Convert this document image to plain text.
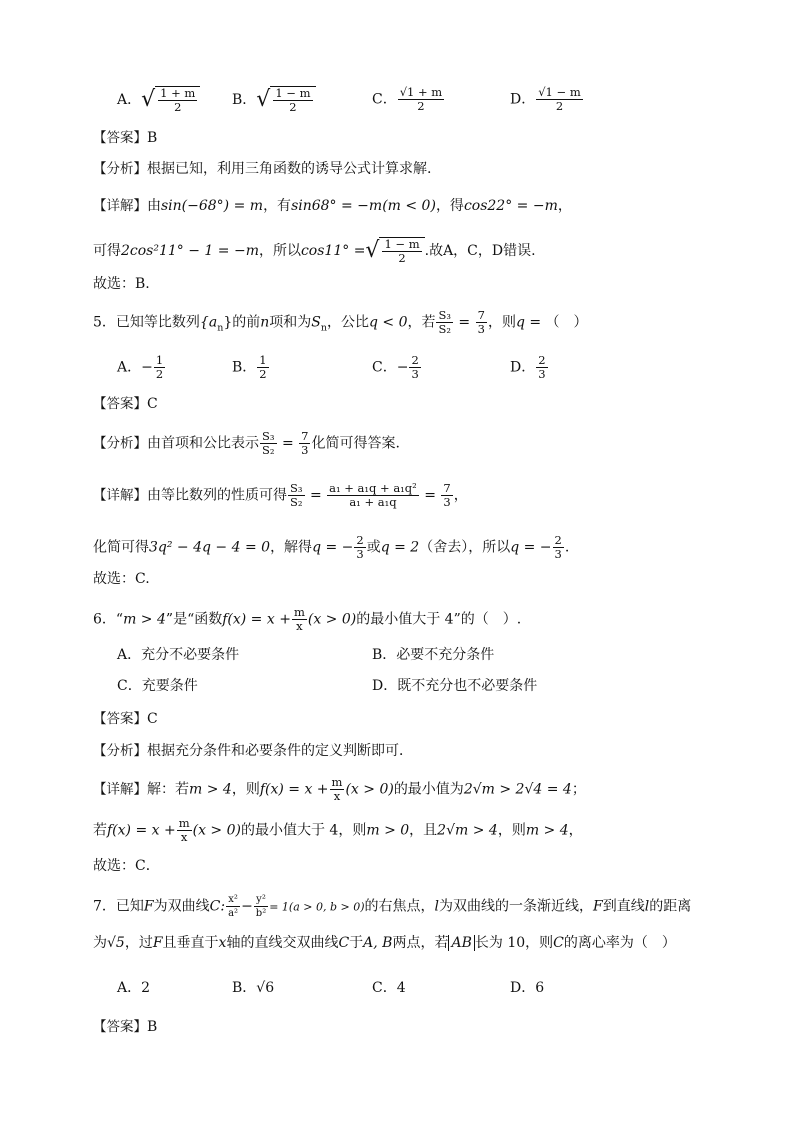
A．√ $\frac{1 + m}{2}$ B．√ $\frac{1 - m}{2}$	C． $\frac{√1 + m}{2}$	D． $\frac{√1 - m}{2}$
【答案】B
【分析】根据已知，利用三角函数的诱导公式计算求解.
【详解】由sin(−68°) = m，有sin68° = −m(m < 0)，得cos22° = −m，
可得2cos²11° − 1 = −m，所以cos11° =√ $\frac{1 - m}{2}$ .故A，C，D错误.
故选：B.
5．已知等比数列$\{a_n\}$的前n项和为$S_n$，公比q < 0，若 $\frac{\text{S₃}}{\text{S₂}} = \frac{7}{3}$ ，则q = （　）
A．− $\frac{1}{2}$	B． $\frac{1}{2}$	C．− $\frac{2}{3}$	D． $\frac{2}{3}$
【答案】C
【分析】由首项和公比表示 $\frac{\text{S₃}}{\text{S₂}} = \frac{7}{3}$ 化简可得答案.
【详解】由等比数列的性质可得 $\frac{\text{S₃}}{\text{S₂}} = \frac{\text{a₁ + a₁q + a₁q²}}{\text{a₁ + a₁q}} = \frac{7}{3}$ ，
化简可得3q² − 4q − 4 = 0，解得q = − $\frac{2}{3}$ 或q = 2（舍去），所以q = − $\frac{2}{3}$ .
故选：C.
6．“m > 4”是“函数$f(x) = x + \frac{m}{x} (x > 0)$的最小值大于 4”的（　）.
A．充分不必要条件	B．必要不充分条件
C．充要条件	D．既不充分也不必要条件
【答案】C
【分析】根据充分条件和必要条件的定义判断即可．
【详解】解：若m > 4，则$f(x) = x + \frac{m}{x} (x > 0)$的最小值为2√m > 2√4 = 4；
若$f(x) = x + \frac{m}{x} (x > 0)$的最小值大于 4，则m > 0，且2√m > 4，则m > 4，
故选：C．
7．已知F为双曲线C: $\frac{\text{x²}}{\text{a²}} - \frac{\text{y²}}{\text{b²}} = 1(a > 0$, b > 0)的右焦点，l为双曲线的一条渐近线，F到直线l的距离
为√5，过F且垂直于x轴的直线交双曲线C于A, B两点，若 AB 长为 10，则C的离心率为（　）
A．2	B．√6	C．4	D．6
【答案】B
